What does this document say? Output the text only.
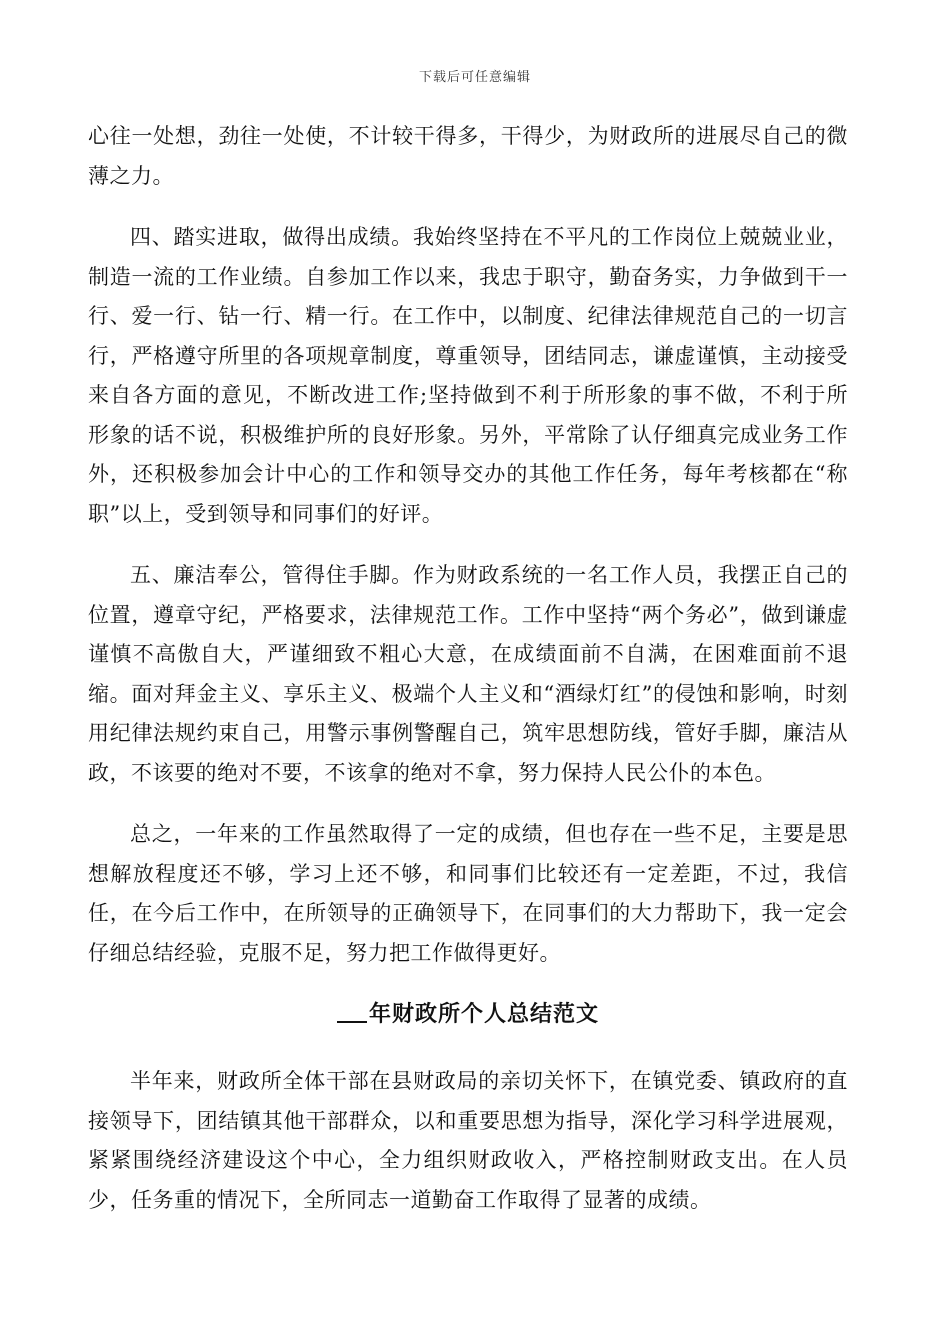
下载后可任意编辑

心往一处想，劲往一处使，不计较干得多，干得少，为财政所的进展尽自己的微薄之力。

四、踏实进取，做得出成绩。我始终坚持在不平凡的工作岗位上兢兢业业，制造一流的工作业绩。自参加工作以来，我忠于职守，勤奋务实，力争做到干一行、爱一行、钻一行、精一行。在工作中，以制度、纪律法律规范自己的一切言行，严格遵守所里的各项规章制度，尊重领导，团结同志，谦虚谨慎，主动接受来自各方面的意见，不断改进工作;坚持做到不利于所形象的事不做，不利于所形象的话不说，积极维护所的良好形象。另外，平常除了认仔细真完成业务工作外，还积极参加会计中心的工作和领导交办的其他工作任务，每年考核都在“称职”以上，受到领导和同事们的好评。

五、廉洁奉公，管得住手脚。作为财政系统的一名工作人员，我摆正自己的位置，遵章守纪，严格要求，法律规范工作。工作中坚持“两个务必”，做到谦虚谨慎不高傲自大，严谨细致不粗心大意，在成绩面前不自满，在困难面前不退缩。面对拜金主义、享乐主义、极端个人主义和“酒绿灯红”的侵蚀和影响，时刻用纪律法规约束自己，用警示事例警醒自己，筑牢思想防线，管好手脚，廉洁从政，不该要的绝对不要，不该拿的绝对不拿，努力保持人民公仆的本色。

总之，一年来的工作虽然取得了一定的成绩，但也存在一些不足，主要是思想解放程度还不够，学习上还不够，和同事们比较还有一定差距，不过，我信任，在今后工作中，在所领导的正确领导下，在同事们的大力帮助下，我一定会仔细总结经验，克服不足，努力把工作做得更好。

年财政所个人总结范文

半年来，财政所全体干部在县财政局的亲切关怀下，在镇党委、镇政府的直接领导下，团结镇其他干部群众，以和重要思想为指导，深化学习科学进展观，紧紧围绕经济建设这个中心，全力组织财政收入，严格控制财政支出。在人员少，任务重的情况下，全所同志一道勤奋工作取得了显著的成绩。
